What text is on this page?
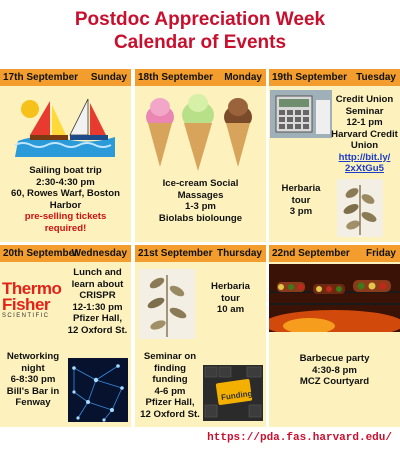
Postdoc Appreciation Week
Calendar of Events
17th September Sunday
Sailing boat trip
2:30-4:30 pm
60, Rowes Warf, Boston
Harbor
pre-selling tickets
required!
18th September Monday
Ice-cream Social
Massages
1-3 pm
Biolabs biolounge
19th September Tuesday
Credit Union
Seminar
12-1 pm
Harvard Credit
Union
http://bit.ly/
2xXtGu5
Herbaria
tour
3 pm
20th September
Wednesday
Thermo
Fisher
SCIENTIFIC
Lunch and
learn about
CRISPR
12-1:30 pm
Pfizer Hall,
12 Oxford St.
Networking
night
6-8:30 pm
Bill's Bar in
Fenway
21st September Thursday
Herbaria
tour
10 am
Seminar on
finding
funding
4-6 pm
Pfizer Hall,
12 Oxford St.
Funding
22nd September Friday
Barbecue party
4:30-8 pm
MCZ Courtyard
https://pda.fas.harvard.edu/
